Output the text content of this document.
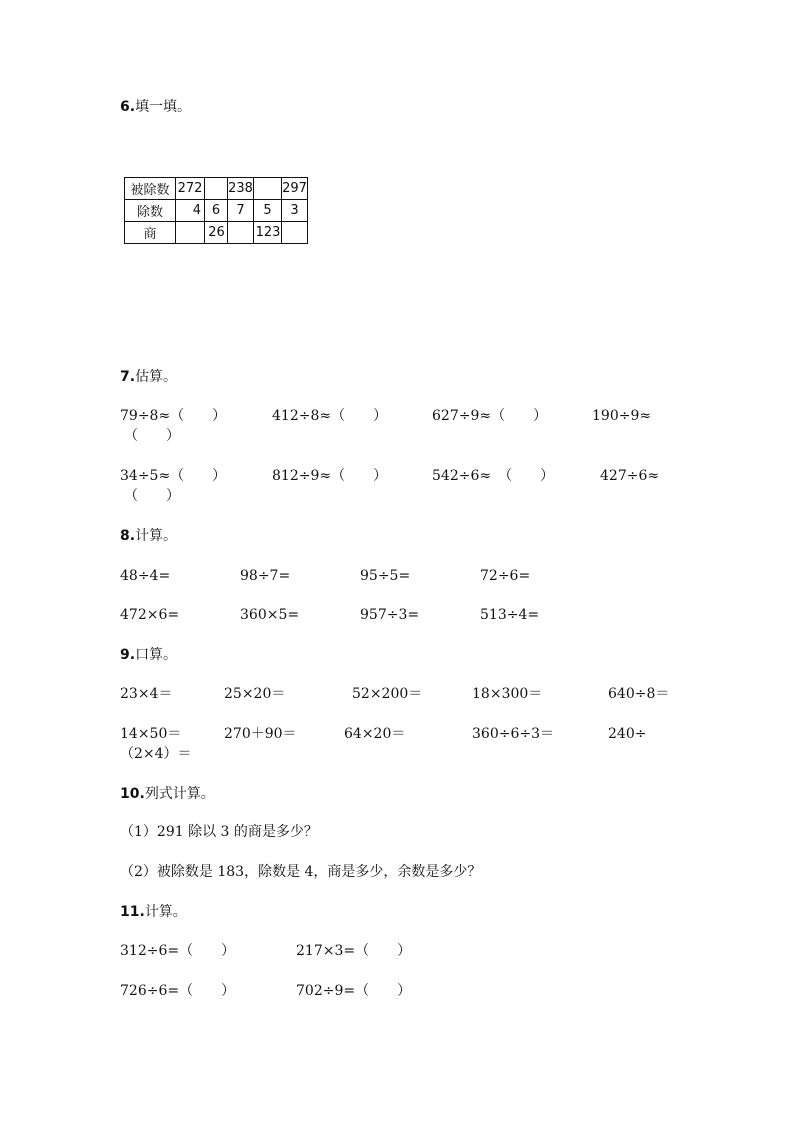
6.填一填。
被除数	272		238		297
除数	4	6	7	5	3
商		26		123	
7.估算。
79÷8≈（　　）	412÷8≈（　　）	627÷9≈（　　）	190÷9≈
（　　）
34÷5≈（　　）	812÷9≈（　　）	542÷6≈　（　　）	427÷6≈
（　　）
8.计算。
48÷4=	98÷7=	95÷5=	72÷6=
472×6=	360×5=	957÷3=	513÷4=
9.口算。
23×4＝	25×20＝	52×200＝	18×300＝	640÷8＝
14×50＝	270＋90＝	64×20＝	360÷6÷3＝	240÷
（2×4）＝
10.列式计算。
（1）291 除以 3 的商是多少？
（2）被除数是 183，除数是 4，商是多少，余数是多少？
11.计算。
312÷6=（　　）	217×3=（　　）
726÷6=（　　）	702÷9=（　　）
